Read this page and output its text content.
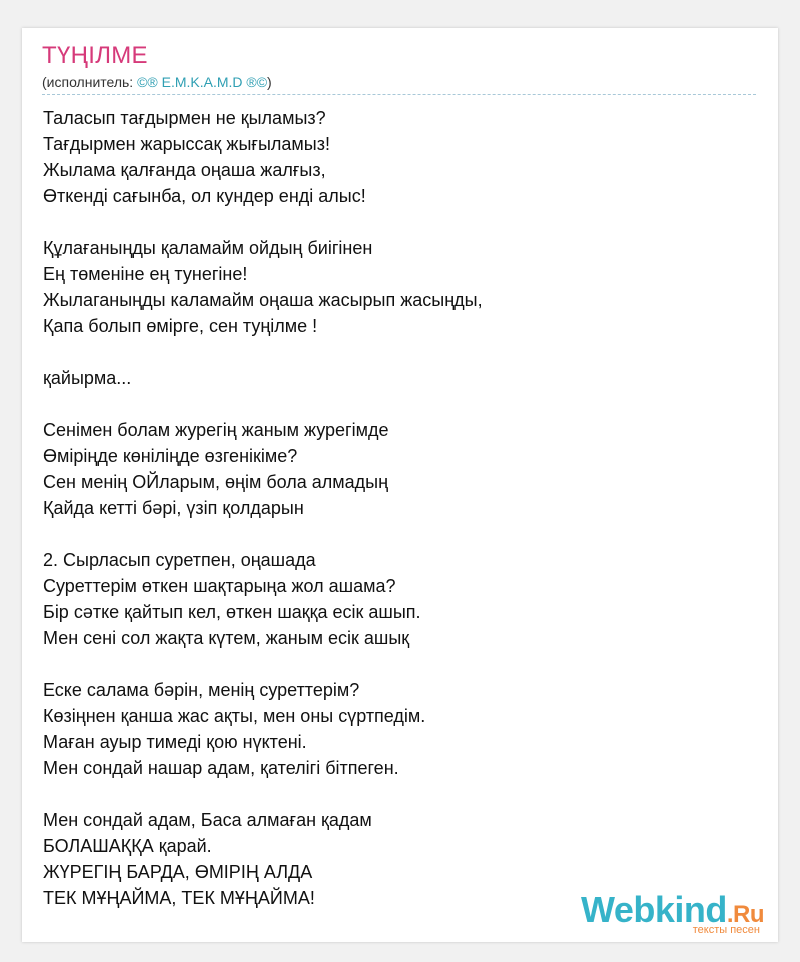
ТҮҢІЛМЕ
(исполнитель: ©® E.M.K.A.M.D ®©)
Таласып тағдырмен не қыламыз?
Тағдырмен жарыссақ жығыламыз!
Жылама қалғанда оңаша жалғыз,
Өткенді сағынба, ол кундер енді алыс!
Құлағаныңды қаламайм ойдың биігінен
Ең төменіне ең тунегіне!
Жылаганыңды каламайм оңаша жасырып жасыңды,
Қапа болып өмірге, сен туңілме !
қайырма...
Сенімен болам журегің жаным журегімде
Өміріңде көніліңде өзгенікіме?
Сен менің ОЙларым, өңім бола алмадың
Қайда кетті бәрі, үзіп қолдарын
2. Сырласып суретпен, оңашада
Суреттерім өткен шақтарыңа жол ашама?
Бір сәтке қайтып кел, өткен шаққа есік ашып.
Мен сені сол жақта күтем, жаным есік ашық
Еске салама бәрін, менің суреттерім?
Көзіңнен қанша жас ақты, мен оны сүртпедім.
Маған ауыр тимеді қою нүктені.
Мен сондай нашар адам, қателігі бітпеген.
Мен сондай адам, Баса алмаған қадам
БОЛАШАҚҚА қарай.
ЖҮРЕГІҢ БАРДА, ӨМІРІҢ АЛДА
ТЕК МҰҢАЙМА, ТЕК МҰҢАЙМА!	Webkind.Ru
тексты песен
